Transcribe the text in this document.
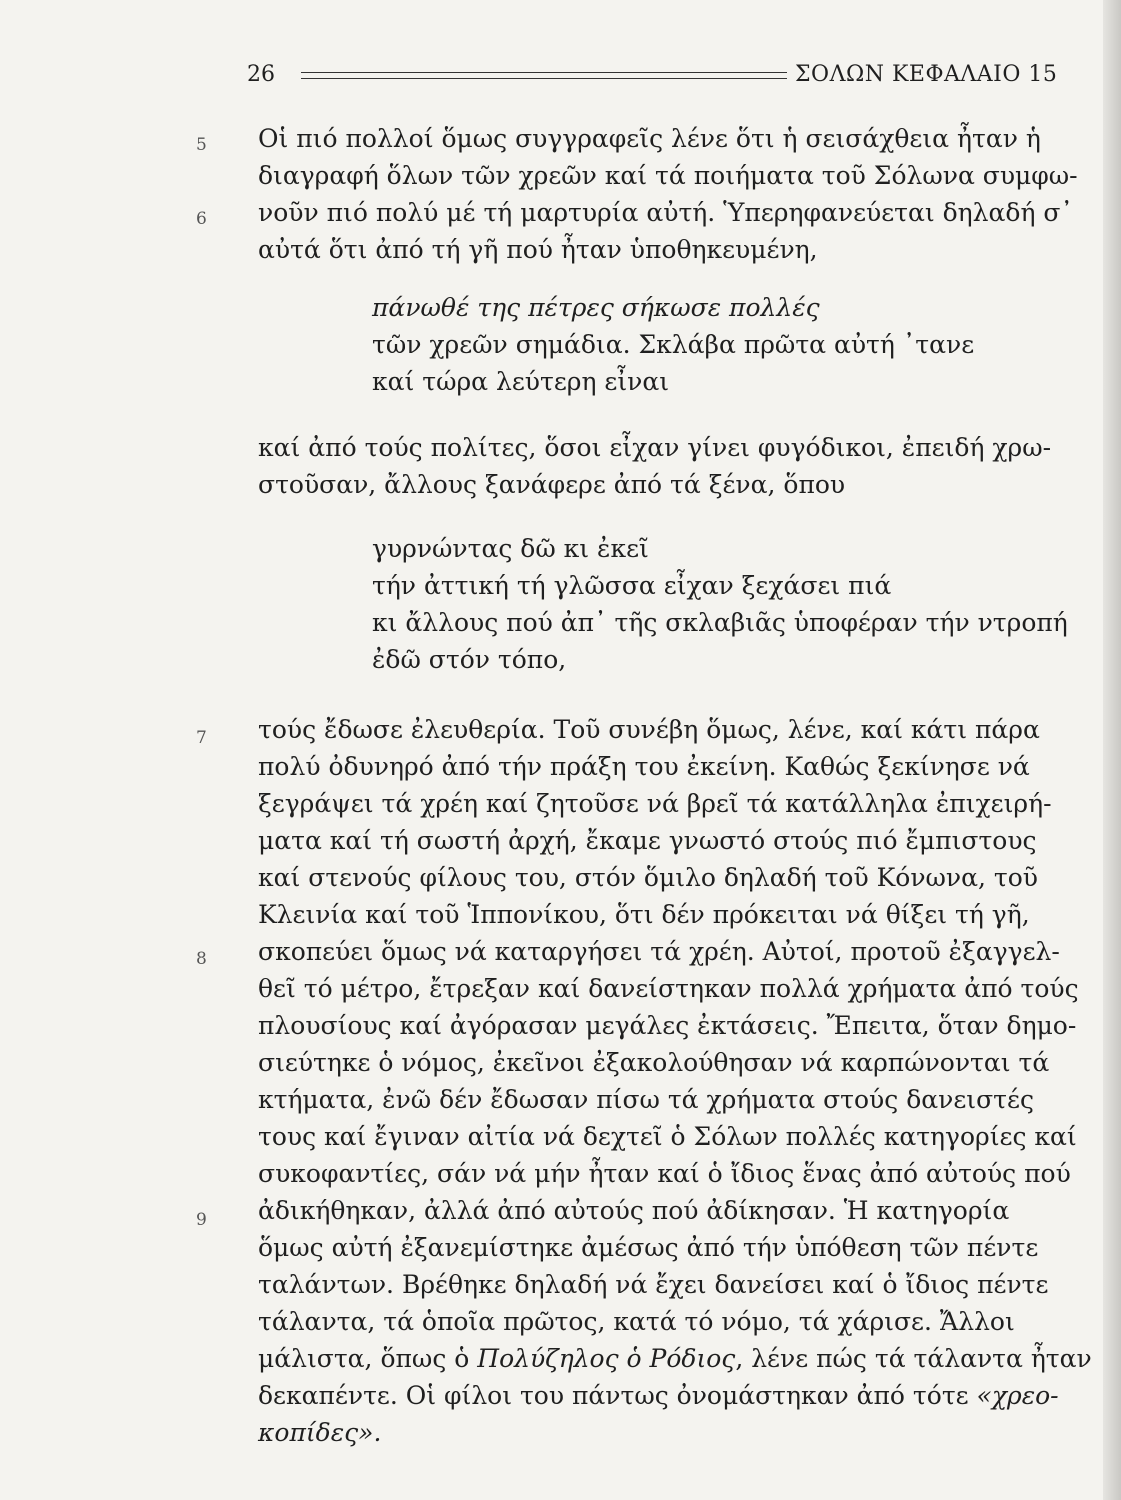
26	ΣΟΛΩΝ ΚΕΦΑΛΑΙΟ 15
5
6
7
8
9
Οἱ πιό πολλοί ὅμως συγγραφεῖς λένε ὅτι ἡ σεισάχθεια ἦταν ἡ
διαγραφή ὅλων τῶν χρεῶν καί τά ποιήματα τοῦ Σόλωνα συμφω-
νοῦν πιό πολύ μέ τή μαρτυρία αὐτή. Ὑπερηφανεύεται δηλαδή σ᾽
αὐτά ὅτι ἀπό τή γῆ πού ἦταν ὑποθηκευμένη,
πάνωθέ της πέτρες σήκωσε πολλές
τῶν χρεῶν σημάδια. Σκλάβα πρῶτα αὐτή ᾽τανε
καί τώρα λεύτερη εἶναι
καί ἀπό τούς πολίτες, ὅσοι εἶχαν γίνει φυγόδικοι, ἐπειδή χρω-
στοῦσαν, ἄλλους ξανάφερε ἀπό τά ξένα, ὅπου
γυρνώντας δῶ κι ἐκεῖ
τήν ἀττική τή γλῶσσα εἶχαν ξεχάσει πιά
κι ἄλλους πού ἀπ᾽ τῆς σκλαβιᾶς ὑποφέραν τήν ντροπή
ἐδῶ στόν τόπο,
τούς ἔδωσε ἐλευθερία. Τοῦ συνέβη ὅμως, λένε, καί κάτι πάρα
πολύ ὀδυνηρό ἀπό τήν πράξη του ἐκείνη. Καθώς ξεκίνησε νά
ξεγράψει τά χρέη καί ζητοῦσε νά βρεῖ τά κατάλληλα ἐπιχειρή-
ματα καί τή σωστή ἀρχή, ἔκαμε γνωστό στούς πιό ἔμπιστους
καί στενούς φίλους του, στόν ὅμιλο δηλαδή τοῦ Κόνωνα, τοῦ
Κλεινία καί τοῦ Ἱππονίκου, ὅτι δέν πρόκειται νά θίξει τή γῆ,
σκοπεύει ὅμως νά καταργήσει τά χρέη. Αὐτοί, προτοῦ ἐξαγγελ-
θεῖ τό μέτρο, ἔτρεξαν καί δανείστηκαν πολλά χρήματα ἀπό τούς
πλουσίους καί ἀγόρασαν μεγάλες ἐκτάσεις. Ἔπειτα, ὅταν δημο-
σιεύτηκε ὁ νόμος, ἐκεῖνοι ἐξακολούθησαν νά καρπώνονται τά
κτήματα, ἐνῶ δέν ἔδωσαν πίσω τά χρήματα στούς δανειστές
τους καί ἔγιναν αἰτία νά δεχτεῖ ὁ Σόλων πολλές κατηγορίες καί
συκοφαντίες, σάν νά μήν ἦταν καί ὁ ἴδιος ἕνας ἀπό αὐτούς πού
ἀδικήθηκαν, ἀλλά ἀπό αὐτούς πού ἀδίκησαν. Ἡ κατηγορία
ὅμως αὐτή ἐξανεμίστηκε ἀμέσως ἀπό τήν ὑπόθεση τῶν πέντε
ταλάντων. Βρέθηκε δηλαδή νά ἔχει δανείσει καί ὁ ἴδιος πέντε
τάλαντα, τά ὁποῖα πρῶτος, κατά τό νόμο, τά χάρισε. Ἄλλοι
μάλιστα, ὅπως ὁ Πολύζηλος ὁ Ρόδιος, λένε πώς τά τάλαντα ἦταν
δεκαπέντε. Οἱ φίλοι του πάντως ὀνομάστηκαν ἀπό τότε «χρεο-
κοπίδες».
